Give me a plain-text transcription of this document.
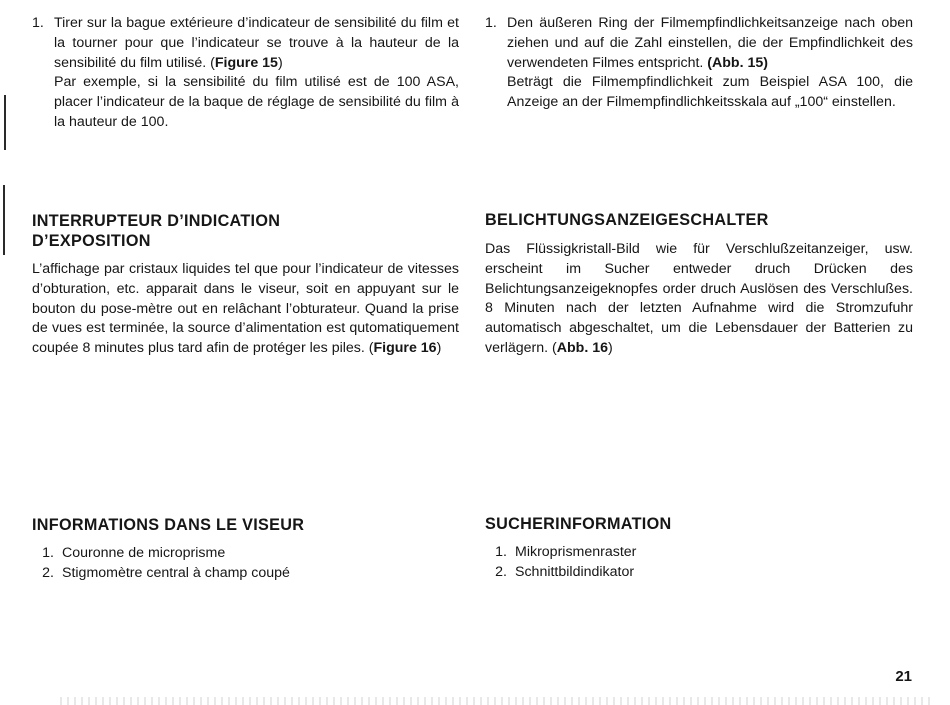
1. Tirer sur la bague extérieure d’indicateur de sensibilité du film et la tourner pour que l’indicateur se trouve à la hauteur de la sensibilité du film utilisé. (Figure 15)

Par exemple, si la sensibilité du film utilisé est de 100 ASA, placer l’indicateur de la baque de réglage de sensibilité du film à la hauteur de 100.

INTERRUPTEUR D’INDICATION
D’EXPOSITION

L’affichage par cristaux liquides tel que pour l’indicateur de vitesses d’obturation, etc. apparait dans le viseur, soit en appuyant sur le bouton du pose-mètre out en relâchant l’obturateur. Quand la prise de vues est terminée, la source d’alimentation est qutomatiquement coupée 8 minutes plus tard afin de protéger les piles. (Figure 16)

INFORMATIONS DANS LE VISEUR
1. Couronne de microprisme
2. Stigmomètre central à champ coupé
1. Den äußeren Ring der Filmempfindlichkeitsanzeige nach oben ziehen und auf die Zahl einstellen, die der Empfindlichkeit des verwendeten Filmes entspricht. (Abb. 15)

Beträgt die Filmempfindlichkeit zum Beispiel ASA 100, die Anzeige an der Filmempfindlichkeitsskala auf „100“ einstellen.

BELICHTUNGSANZEIGESCHALTER

Das Flüssigkristall-Bild wie für Verschlußzeitanzeiger, usw. erscheint im Sucher entweder druch Drücken des Belichtungsanzeigeknopfes order druch Auslösen des Verschlußes. 8 Minuten nach der letzten Aufnahme wird die Stromzufuhr automatisch abgeschaltet, um die Lebensdauer der Batterien zu verlägern. (Abb. 16)

SUCHERINFORMATION
1. Mikroprismenraster
2. Schnittbildindikator
21
